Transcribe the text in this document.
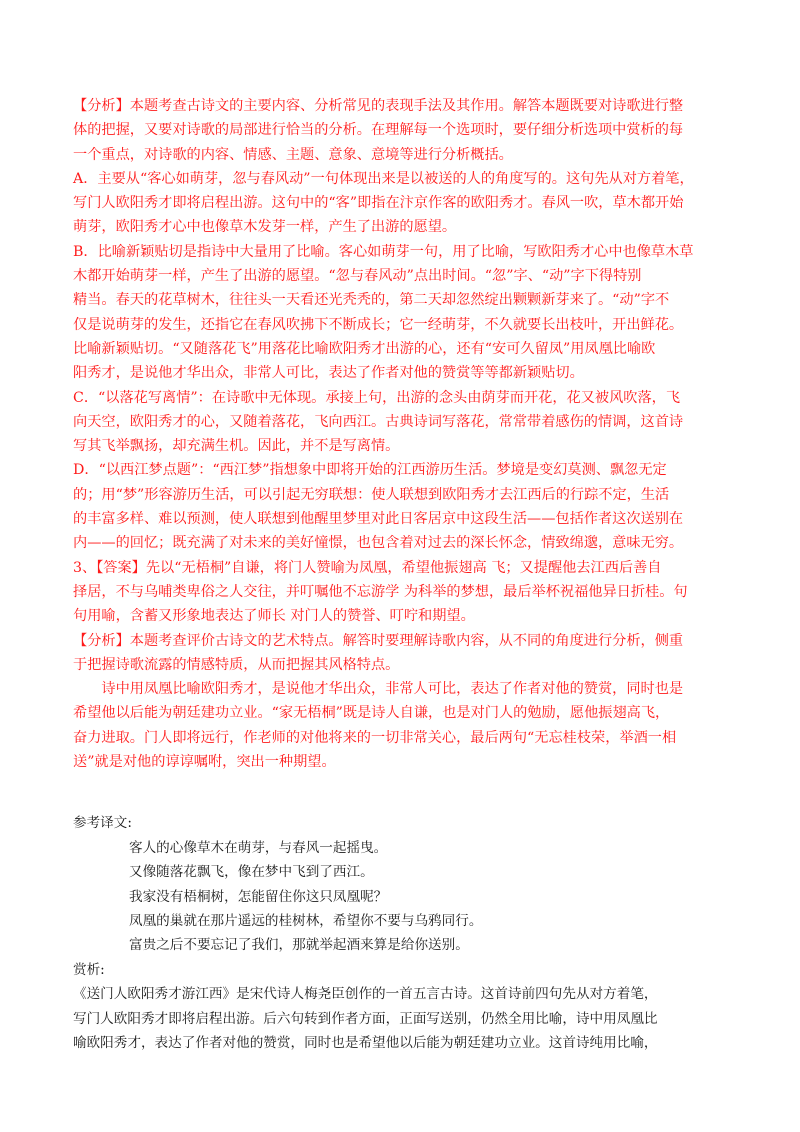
【分析】本题考查古诗文的主要内容、分析常见的表现手法及其作用。解答本题既要对诗歌进行整

体的把握，又要对诗歌的局部进行恰当的分析。在理解每一个选项时，要仔细分析选项中赏析的每

一个重点，对诗歌的内容、情感、主题、意象、意境等进行分析概括。

A．主要从“客心如萌芽，忽与春风动”一句体现出来是以被送的人的角度写的。这句先从对方着笔，

写门人欧阳秀才即将启程出游。这句中的“客”即指在汴京作客的欧阳秀才。春风一吹，草木都开始

萌芽，欧阳秀才心中也像草木发芽一样，产生了出游的愿望。

B．比喻新颖贴切是指诗中大量用了比喻。客心如萌芽一句，用了比喻，写欧阳秀才心中也像草木草

木都开始萌芽一样，产生了出游的愿望。“忽与春风动”点出时间。“忽”字、“动”字下得特别

精当。春天的花草树木，往往头一天看还光秃秃的，第二天却忽然绽出颗颗新芽来了。“动”字不

仅是说萌芽的发生，还指它在春风吹拂下不断成长；它一经萌芽，不久就要长出枝叶，开出鲜花。

比喻新颖贴切。“又随落花飞”用落花比喻欧阳秀才出游的心，还有“安可久留凤”用凤凰比喻欧

阳秀才，是说他才华出众，非常人可比，表达了作者对他的赞赏等等都新颖贴切。

C．“以落花写离情”：在诗歌中无体现。承接上句，出游的念头由荫芽而开花，花又被风吹落，飞

向天空，欧阳秀才的心，又随着落花，飞向西江。古典诗词写落花，常常带着感伤的情调，这首诗

写其飞举飘扬，却充满生机。因此，并不是写离情。

D．“以西江梦点题”：“西江梦”指想象中即将开始的江西游历生活。梦境是变幻莫测、飘忽无定

的；用“梦”形容游历生活，可以引起无穷联想：使人联想到欧阳秀才去江西后的行踪不定，生活

的丰富多样、难以预测，使人联想到他醒里梦里对此日客居京中这段生活——包括作者这次送别在

内——的回忆；既充满了对未来的美好憧憬，也包含着对过去的深长怀念，情致绵邈，意味无穷。

3、【答案】先以“无梧桐”自谦，将门人赞喻为凤凰，希望他振翅高 飞；又提醒他去江西后善自

择居，不与乌哺类卑俗之人交往，并叮嘱他不忘游学 为科举的梦想，最后举杯祝福他异日折桂。句

句用喻，含蓄又形象地表达了师长 对门人的赞誉、叮咛和期望。

【分析】本题考查评价古诗文的艺术特点。解答时要理解诗歌内容，从不同的角度进行分析，侧重

于把握诗歌流露的情感特质，从而把握其风格特点。

诗中用凤凰比喻欧阳秀才，是说他才华出众，非常人可比，表达了作者对他的赞赏，同时也是

希望他以后能为朝廷建功立业。“家无梧桐”既是诗人自谦，也是对门人的勉励，愿他振翅高飞，

奋力进取。门人即将远行，作老师的对他将来的一切非常关心，最后两句“无忘桂枝荣，举酒一相

送”就是对他的谆谆嘱咐，突出一种期望。

参考译文:

客人的心像草木在萌芽，与春风一起摇曳。

又像随落花飘飞，像在梦中飞到了西江。

我家没有梧桐树，怎能留住你这只凤凰呢？

凤凰的巢就在那片遥远的桂树林，希望你不要与乌鸦同行。

富贵之后不要忘记了我们，那就举起酒来算是给你送别。

赏析:

《送门人欧阳秀才游江西》是宋代诗人梅尧臣创作的一首五言古诗。这首诗前四句先从对方着笔，

写门人欧阳秀才即将启程出游。后六句转到作者方面，正面写送别，仍然全用比喻，诗中用凤凰比

喻欧阳秀才，表达了作者对他的赞赏，同时也是希望他以后能为朝廷建功立业。这首诗纯用比喻，
